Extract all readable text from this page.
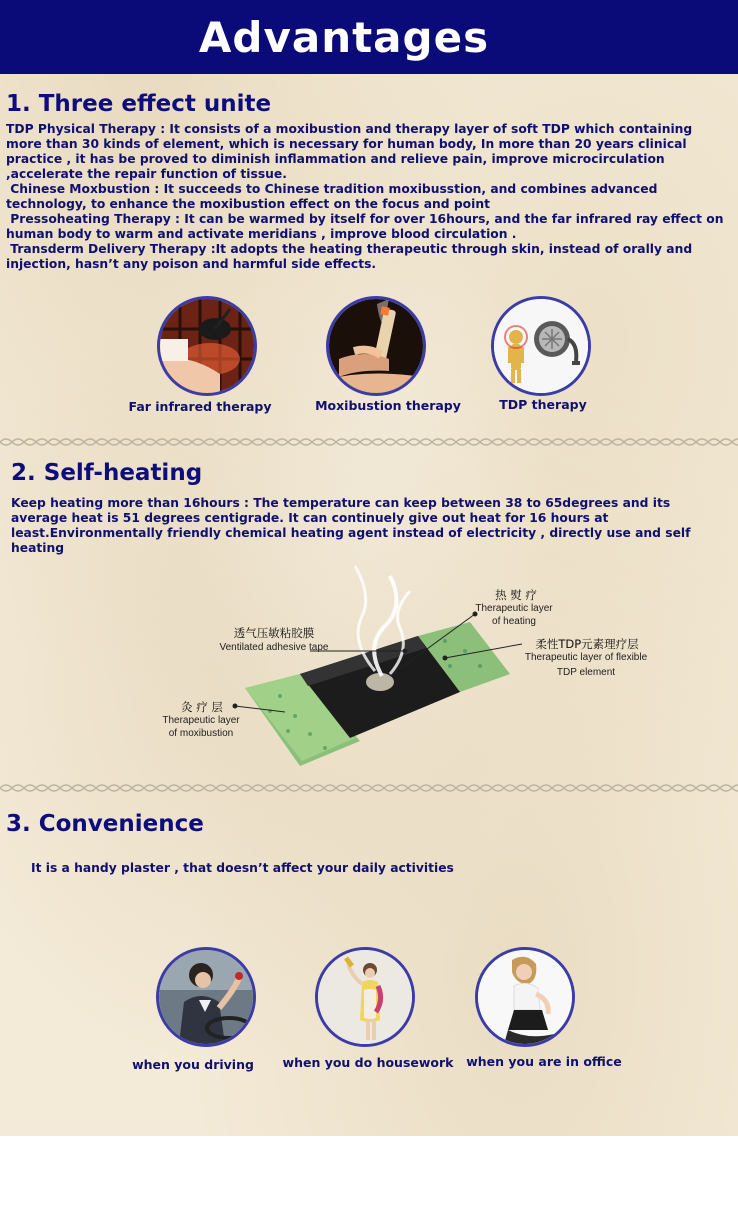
Advantages
1. Three effect unite

TDP Physical Therapy : It consists of a moxibustion and therapy layer of soft TDP which containing more than 30 kinds of element, which is necessary for human body, In more than 20 years clinical practice , it has be proved to diminish inflammation and relieve pain, improve microcirculation ,accelerate the repair function of tissue.

Chinese Moxbustion : It succeeds to Chinese tradition moxibusstion, and combines advanced technology, to enhance the moxibustion effect on the focus and point

Pressoheating Therapy : It can be warmed by itself for over 16hours, and the far infrared ray effect on human body to warm and activate meridians , improve blood circulation .

Transderm Delivery Therapy :It adopts the heating therapeutic through skin, instead of orally and injection, hasn’t any poison and harmful side effects.

Far infrared therapy	Moxibustion therapy	TDP therapy
2. Self-heating

Keep heating more than 16hours : The temperature can keep between 38 to 65degrees and its average heat is 51 degrees centigrade. It can continuely give out heat for 16 hours at least.Environmentally friendly chemical heating agent instead of electricity , directly use and self heating

热 熨 疗
Therapeutic layer
of heating
透气压敏粘胶膜
Ventilated adhesive tape	柔性TDP元素理疗层
Therapeutic layer of flexible
TDP element
灸 疗 层
Therapeutic layer
of moxibustion
3. Convenience

It is a handy plaster , that doesn’t affect your daily activities

when you driving when you do housework when you are in office
